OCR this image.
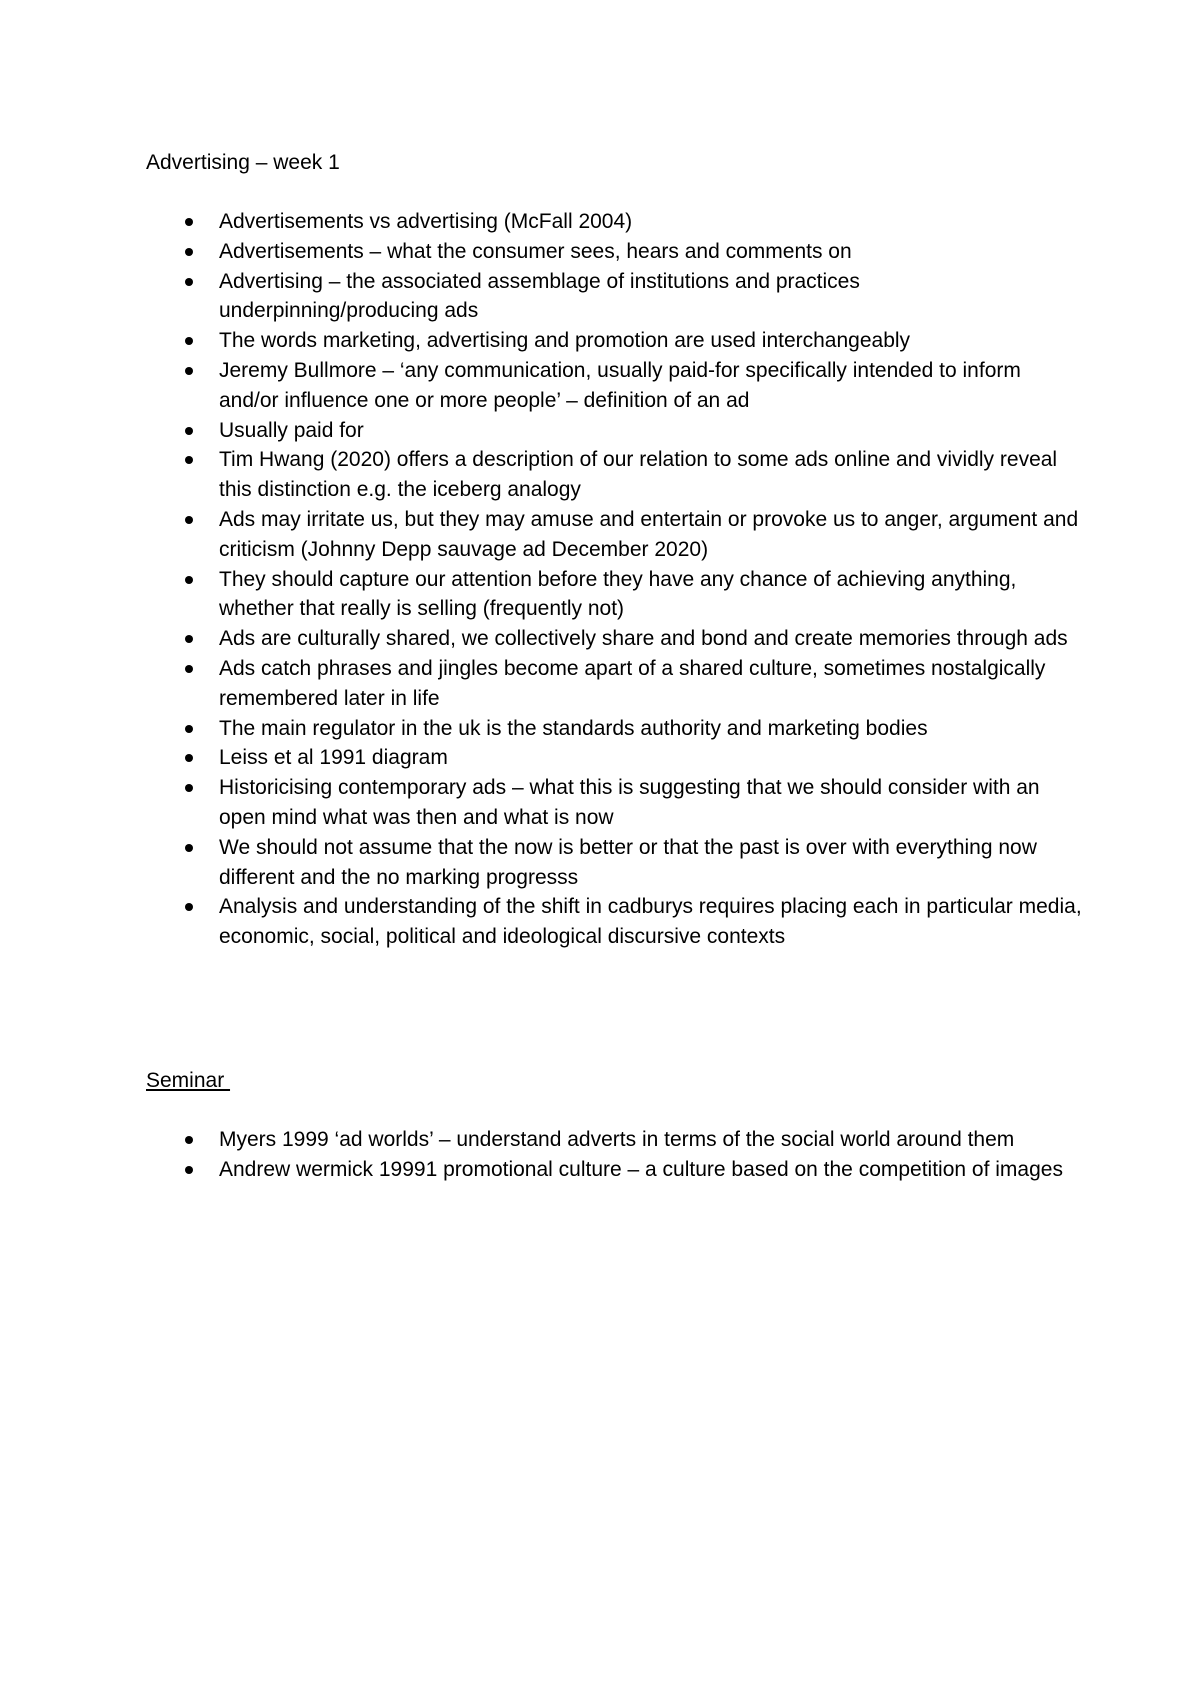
Advertising – week 1
Advertisements vs advertising (McFall 2004)
Advertisements – what the consumer sees, hears and comments on
Advertising – the associated assemblage of institutions and practices underpinning/producing ads
The words marketing, advertising and promotion are used interchangeably
Jeremy Bullmore – ‘any communication, usually paid-for specifically intended to inform and/or influence one or more people’ – definition of an ad
Usually paid for
Tim Hwang (2020) offers a description of our relation to some ads online and vividly reveal this distinction e.g. the iceberg analogy
Ads may irritate us, but they may amuse and entertain or provoke us to anger, argument and criticism (Johnny Depp sauvage ad December 2020)
They should capture our attention before they have any chance of achieving anything, whether that really is selling (frequently not)
Ads are culturally shared, we collectively share and bond and create memories through ads
Ads catch phrases and jingles become apart of a shared culture, sometimes nostalgically remembered later in life
The main regulator in the uk is the standards authority and marketing bodies
Leiss et al 1991 diagram
Historicising contemporary ads – what this is suggesting that we should consider with an open mind what was then and what is now
We should not assume that the now is better or that the past is over with everything now different and the no marking progresss
Analysis and understanding of the shift in cadburys requires placing each in particular media, economic, social, political and ideological discursive contexts
Seminar
Myers 1999 ‘ad worlds’ – understand adverts in terms of the social world around them
Andrew wermick 19991 promotional culture – a culture based on the competition of images
